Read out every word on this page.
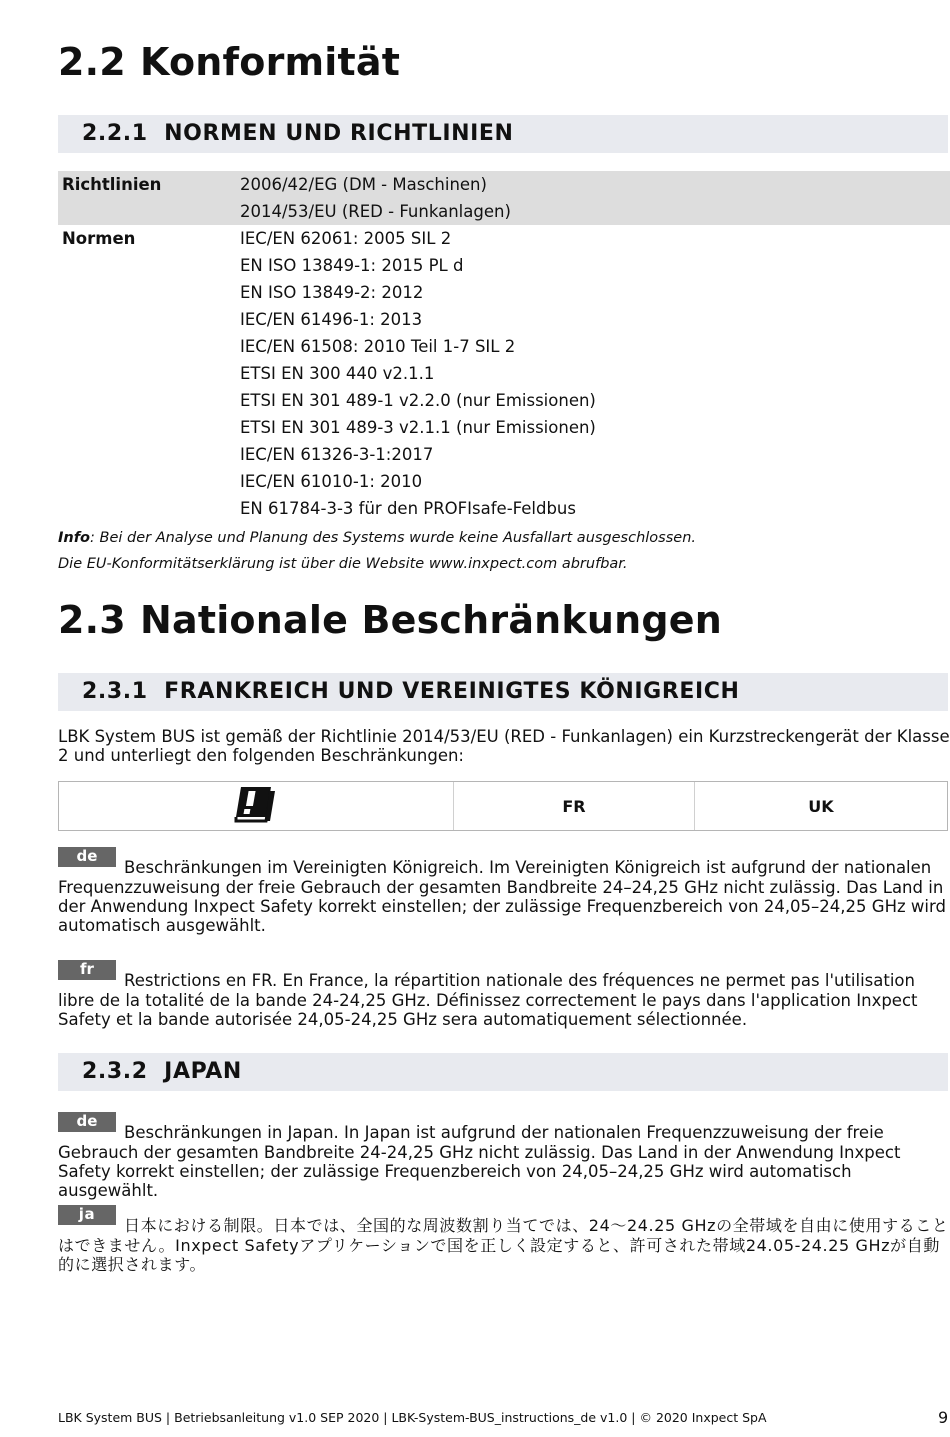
2.2 Konformität
2.2.1 NORMEN UND RICHTLINIEN
Richtlinien	2006/42/EG (DM - Maschinen)
	2014/53/EU (RED - Funkanlagen)
Normen	IEC/EN 62061: 2005 SIL 2
	EN ISO 13849-1: 2015 PL d
	EN ISO 13849-2: 2012
	IEC/EN 61496-1: 2013
	IEC/EN 61508: 2010 Teil 1-7 SIL 2
	ETSI EN 300 440 v2.1.1
	ETSI EN 301 489-1 v2.2.0 (nur Emissionen)
	ETSI EN 301 489-3 v2.1.1 (nur Emissionen)
	IEC/EN 61326-3-1:2017
	IEC/EN 61010-1: 2010
	EN 61784-3-3 für den PROFIsafe-Feldbus
Info: Bei der Analyse und Planung des Systems wurde keine Ausfallart ausgeschlossen.
Die EU-Konformitätserklärung ist über die Website www.inxpect.com abrufbar.
2.3 Nationale Beschränkungen
2.3.1 FRANKREICH UND VEREINIGTES KÖNIGREICH
LBK System BUS ist gemäß der Richtlinie 2014/53/EU (RED - Funkanlagen) ein Kurzstreckengerät der Klasse 2 und unterliegt den folgenden Beschränkungen:
FR	UK
deBeschränkungen im Vereinigten Königreich. Im Vereinigten Königreich ist aufgrund der nationalen Frequenzzuweisung der freie Gebrauch der gesamten Bandbreite 24–24,25 GHz nicht zulässig. Das Land in der Anwendung Inxpect Safety korrekt einstellen; der zulässige Frequenzbereich von 24,05–24,25 GHz wird automatisch ausgewählt.
frRestrictions en FR. En France, la répartition nationale des fréquences ne permet pas l'utilisation libre de la totalité de la bande 24-24,25 GHz. Définissez correctement le pays dans l'application Inxpect Safety et la bande autorisée 24,05-24,25 GHz sera automatiquement sélectionnée.
2.3.2 JAPAN
deBeschränkungen in Japan. In Japan ist aufgrund der nationalen Frequenzzuweisung der freie Gebrauch der gesamten Bandbreite 24-24,25 GHz nicht zulässig. Das Land in der Anwendung Inxpect Safety korrekt einstellen; der zulässige Frequenzbereich von 24,05–24,25 GHz wird automatisch ausgewählt.
ja日本における制限。日本では、全国的な周波数割り当てでは、24〜24.25 GHzの全帯域を自由に使用することはできません。Inxpect Safetyアプリケーションで国を正しく設定すると、許可された帯域24.05-24.25 GHzが自動的に選択されます。
LBK System BUS | Betriebsanleitung v1.0 SEP 2020 | LBK-System-BUS_instructions_de v1.0 | © 2020 Inxpect SpA	9
